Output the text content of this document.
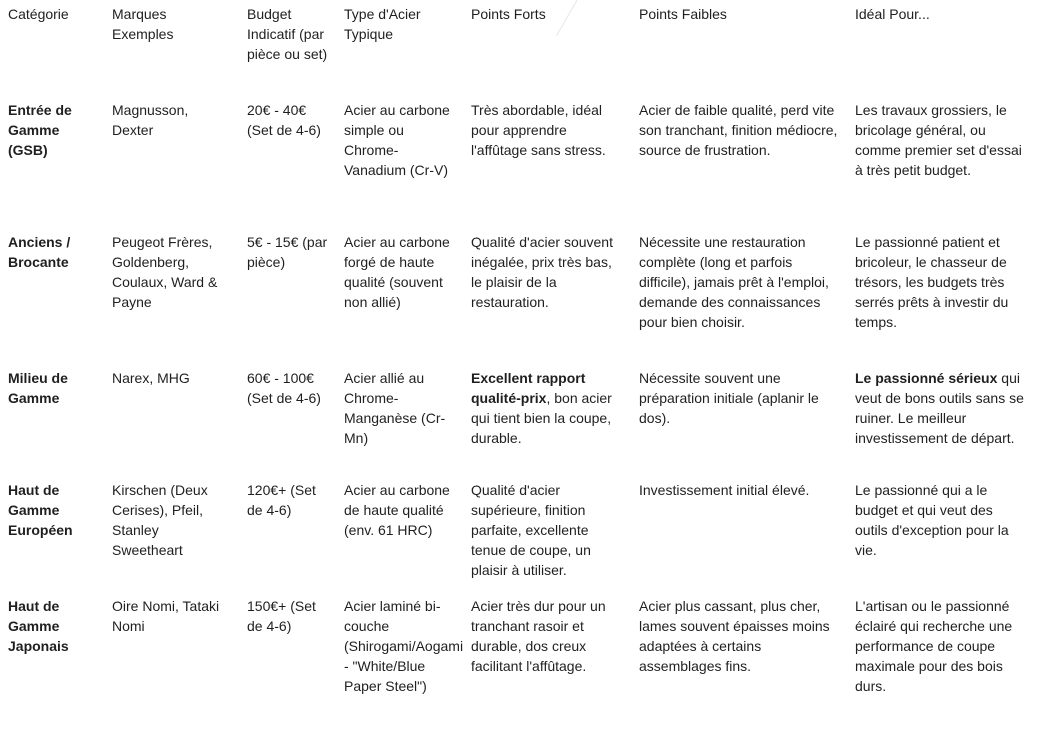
Catégorie	Marques Exemples	Budget Indicatif (par pièce ou set)	Type d'Acier Typique	Points Forts	Points Faibles	Idéal Pour...
Entrée de Gamme (GSB)	Magnusson, Dexter	20€ - 40€ (Set de 4-6)	Acier au carbone simple ou Chrome-Vanadium (Cr-V)	Très abordable, idéal pour apprendre l'affûtage sans stress.	Acier de faible qualité, perd vite son tranchant, finition médiocre, source de frustration.	Les travaux grossiers, le bricolage général, ou comme premier set d'essai à très petit budget.
Anciens / Brocante	Peugeot Frères, Goldenberg, Coulaux, Ward & Payne	5€ - 15€ (par pièce)	Acier au carbone forgé de haute qualité (souvent non allié)	Qualité d'acier souvent inégalée, prix très bas, le plaisir de la restauration.	Nécessite une restauration complète (long et parfois difficile), jamais prêt à l'emploi, demande des connaissances pour bien choisir.	Le passionné patient et bricoleur, le chasseur de trésors, les budgets très serrés prêts à investir du temps.
Milieu de Gamme	Narex, MHG	60€ - 100€ (Set de 4-6)	Acier allié au Chrome-Manganèse (Cr-Mn)	Excellent rapport qualité-prix, bon acier qui tient bien la coupe, durable.	Nécessite souvent une préparation initiale (aplanir le dos).	Le passionné sérieux qui veut de bons outils sans se ruiner. Le meilleur investissement de départ.
Haut de Gamme Européen	Kirschen (Deux Cerises), Pfeil, Stanley Sweetheart	120€+ (Set de 4-6)	Acier au carbone de haute qualité (env. 61 HRC)	Qualité d'acier supérieure, finition parfaite, excellente tenue de coupe, un plaisir à utiliser.	Investissement initial élevé.	Le passionné qui a le budget et qui veut des outils d'exception pour la vie.
Haut de Gamme Japonais	Oire Nomi, Tataki Nomi	150€+ (Set de 4-6)	Acier laminé bi-couche (Shirogami/Aogami - "White/Blue Paper Steel")	Acier très dur pour un tranchant rasoir et durable, dos creux facilitant l'affûtage.	Acier plus cassant, plus cher, lames souvent épaisses moins adaptées à certains assemblages fins.	L'artisan ou le passionné éclairé qui recherche une performance de coupe maximale pour des bois durs.
